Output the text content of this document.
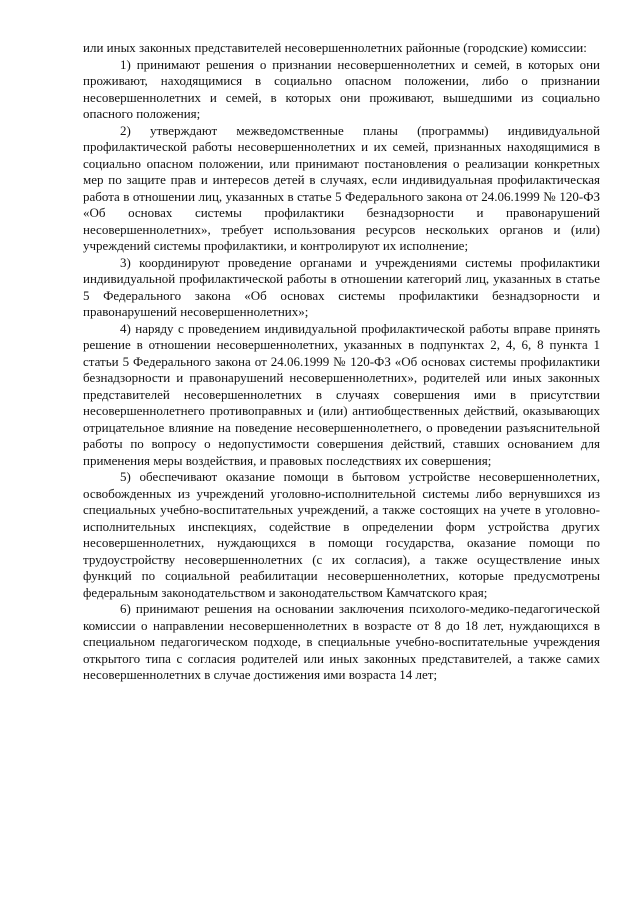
или иных законных представителей несовершеннолетних районные (городские) комиссии:

1) принимают решения о признании несовершеннолетних и семей, в которых они проживают, находящимися в социально опасном положении, либо о признании несовершеннолетних и семей, в которых они проживают, вышедшими из социально опасного положения;

2) утверждают межведомственные планы (программы) индивидуальной профилактической работы несовершеннолетних и их семей, признанных находящимися в социально опасном положении, или принимают постановления о реализации конкретных мер по защите прав и интересов детей в случаях, если индивидуальная профилактическая работа в отношении лиц, указанных в статье 5 Федерального закона от 24.06.1999 № 120-ФЗ «Об основах системы профилактики безнадзорности и правонарушений несовершеннолетних», требует использования ресурсов нескольких органов и (или) учреждений системы профилактики, и контролируют их исполнение;

3) координируют проведение органами и учреждениями системы профилактики индивидуальной профилактической работы в отношении категорий лиц, указанных в статье 5 Федерального закона «Об основах системы профилактики безнадзорности и правонарушений несовершеннолетних»;

4) наряду с проведением индивидуальной профилактической работы вправе принять решение в отношении несовершеннолетних, указанных в подпунктах 2, 4, 6, 8 пункта 1 статьи 5 Федерального закона от 24.06.1999 № 120-ФЗ «Об основах системы профилактики безнадзорности и правонарушений несовершеннолетних», родителей или иных законных представителей несовершеннолетних в случаях совершения ими в присутствии несовершеннолетнего противоправных и (или) антиобщественных действий, оказывающих отрицательное влияние на поведение несовершеннолетнего, о проведении разъяснительной работы по вопросу о недопустимости совершения действий, ставших основанием для применения меры воздействия, и правовых последствиях их совершения;

5) обеспечивают оказание помощи в бытовом устройстве несовершеннолетних, освобожденных из учреждений уголовно-исполнительной системы либо вернувшихся из специальных учебно-воспитательных учреждений, а также состоящих на учете в уголовно-исполнительных инспекциях, содействие в определении форм устройства других несовершеннолетних, нуждающихся в помощи государства, оказание помощи по трудоустройству несовершеннолетних (с их согласия), а также осуществление иных функций по социальной реабилитации несовершеннолетних, которые предусмотрены федеральным законодательством и законодательством Камчатского края;

6) принимают решения на основании заключения психолого-медико-педагогической комиссии о направлении несовершеннолетних в возрасте от 8 до 18 лет, нуждающихся в специальном педагогическом подходе, в специальные учебно-воспитательные учреждения открытого типа с согласия родителей или иных законных представителей, а также самих несовершеннолетних в случае достижения ими возраста 14 лет;
